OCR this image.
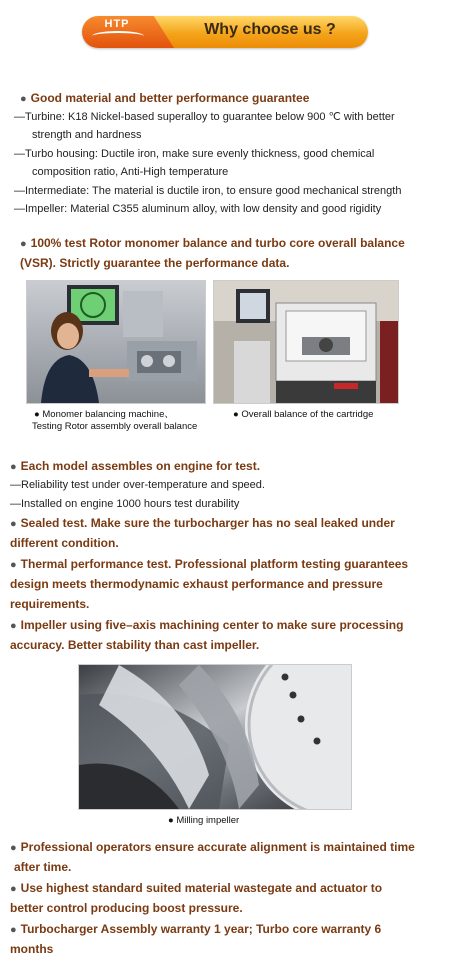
HTP	Why choose us ?
● Good material and better performance guarantee
—Turbine: K18 Nickel-based superalloy to guarantee below 900 ℃ with better
strength and hardness
—Turbo housing: Ductile iron, make sure evenly thickness, good chemical
composition ratio, Anti-High temperature
—Intermediate: The material is ductile iron, to ensure good mechanical strength
—Impeller: Material C355 aluminum alloy, with low density and good rigidity
● 100% test Rotor monomer balance and turbo core overall balance
(VSR). Strictly guarantee the performance data.
● Monomer balancing machine、
Testing Rotor assembly overall balance
● Overall balance of the cartridge
● Each model assembles on engine for test.
—Reliability test under over-temperature and speed.
—Installed on engine 1000 hours test durability
● Sealed test. Make sure the turbocharger has no seal leaked under
different condition.
● Thermal performance test. Professional platform testing guarantees
design meets thermodynamic exhaust performance and pressure
requirements.
● Impeller using five–axis machining center to make sure processing
accuracy. Better stability than cast impeller.
● Milling impeller
● Professional operators ensure accurate alignment is maintained time
after time.
● Use highest standard suited material wastegate and actuator to
better control producing boost pressure.
● Turbocharger Assembly warranty 1 year; Turbo core warranty 6
months
